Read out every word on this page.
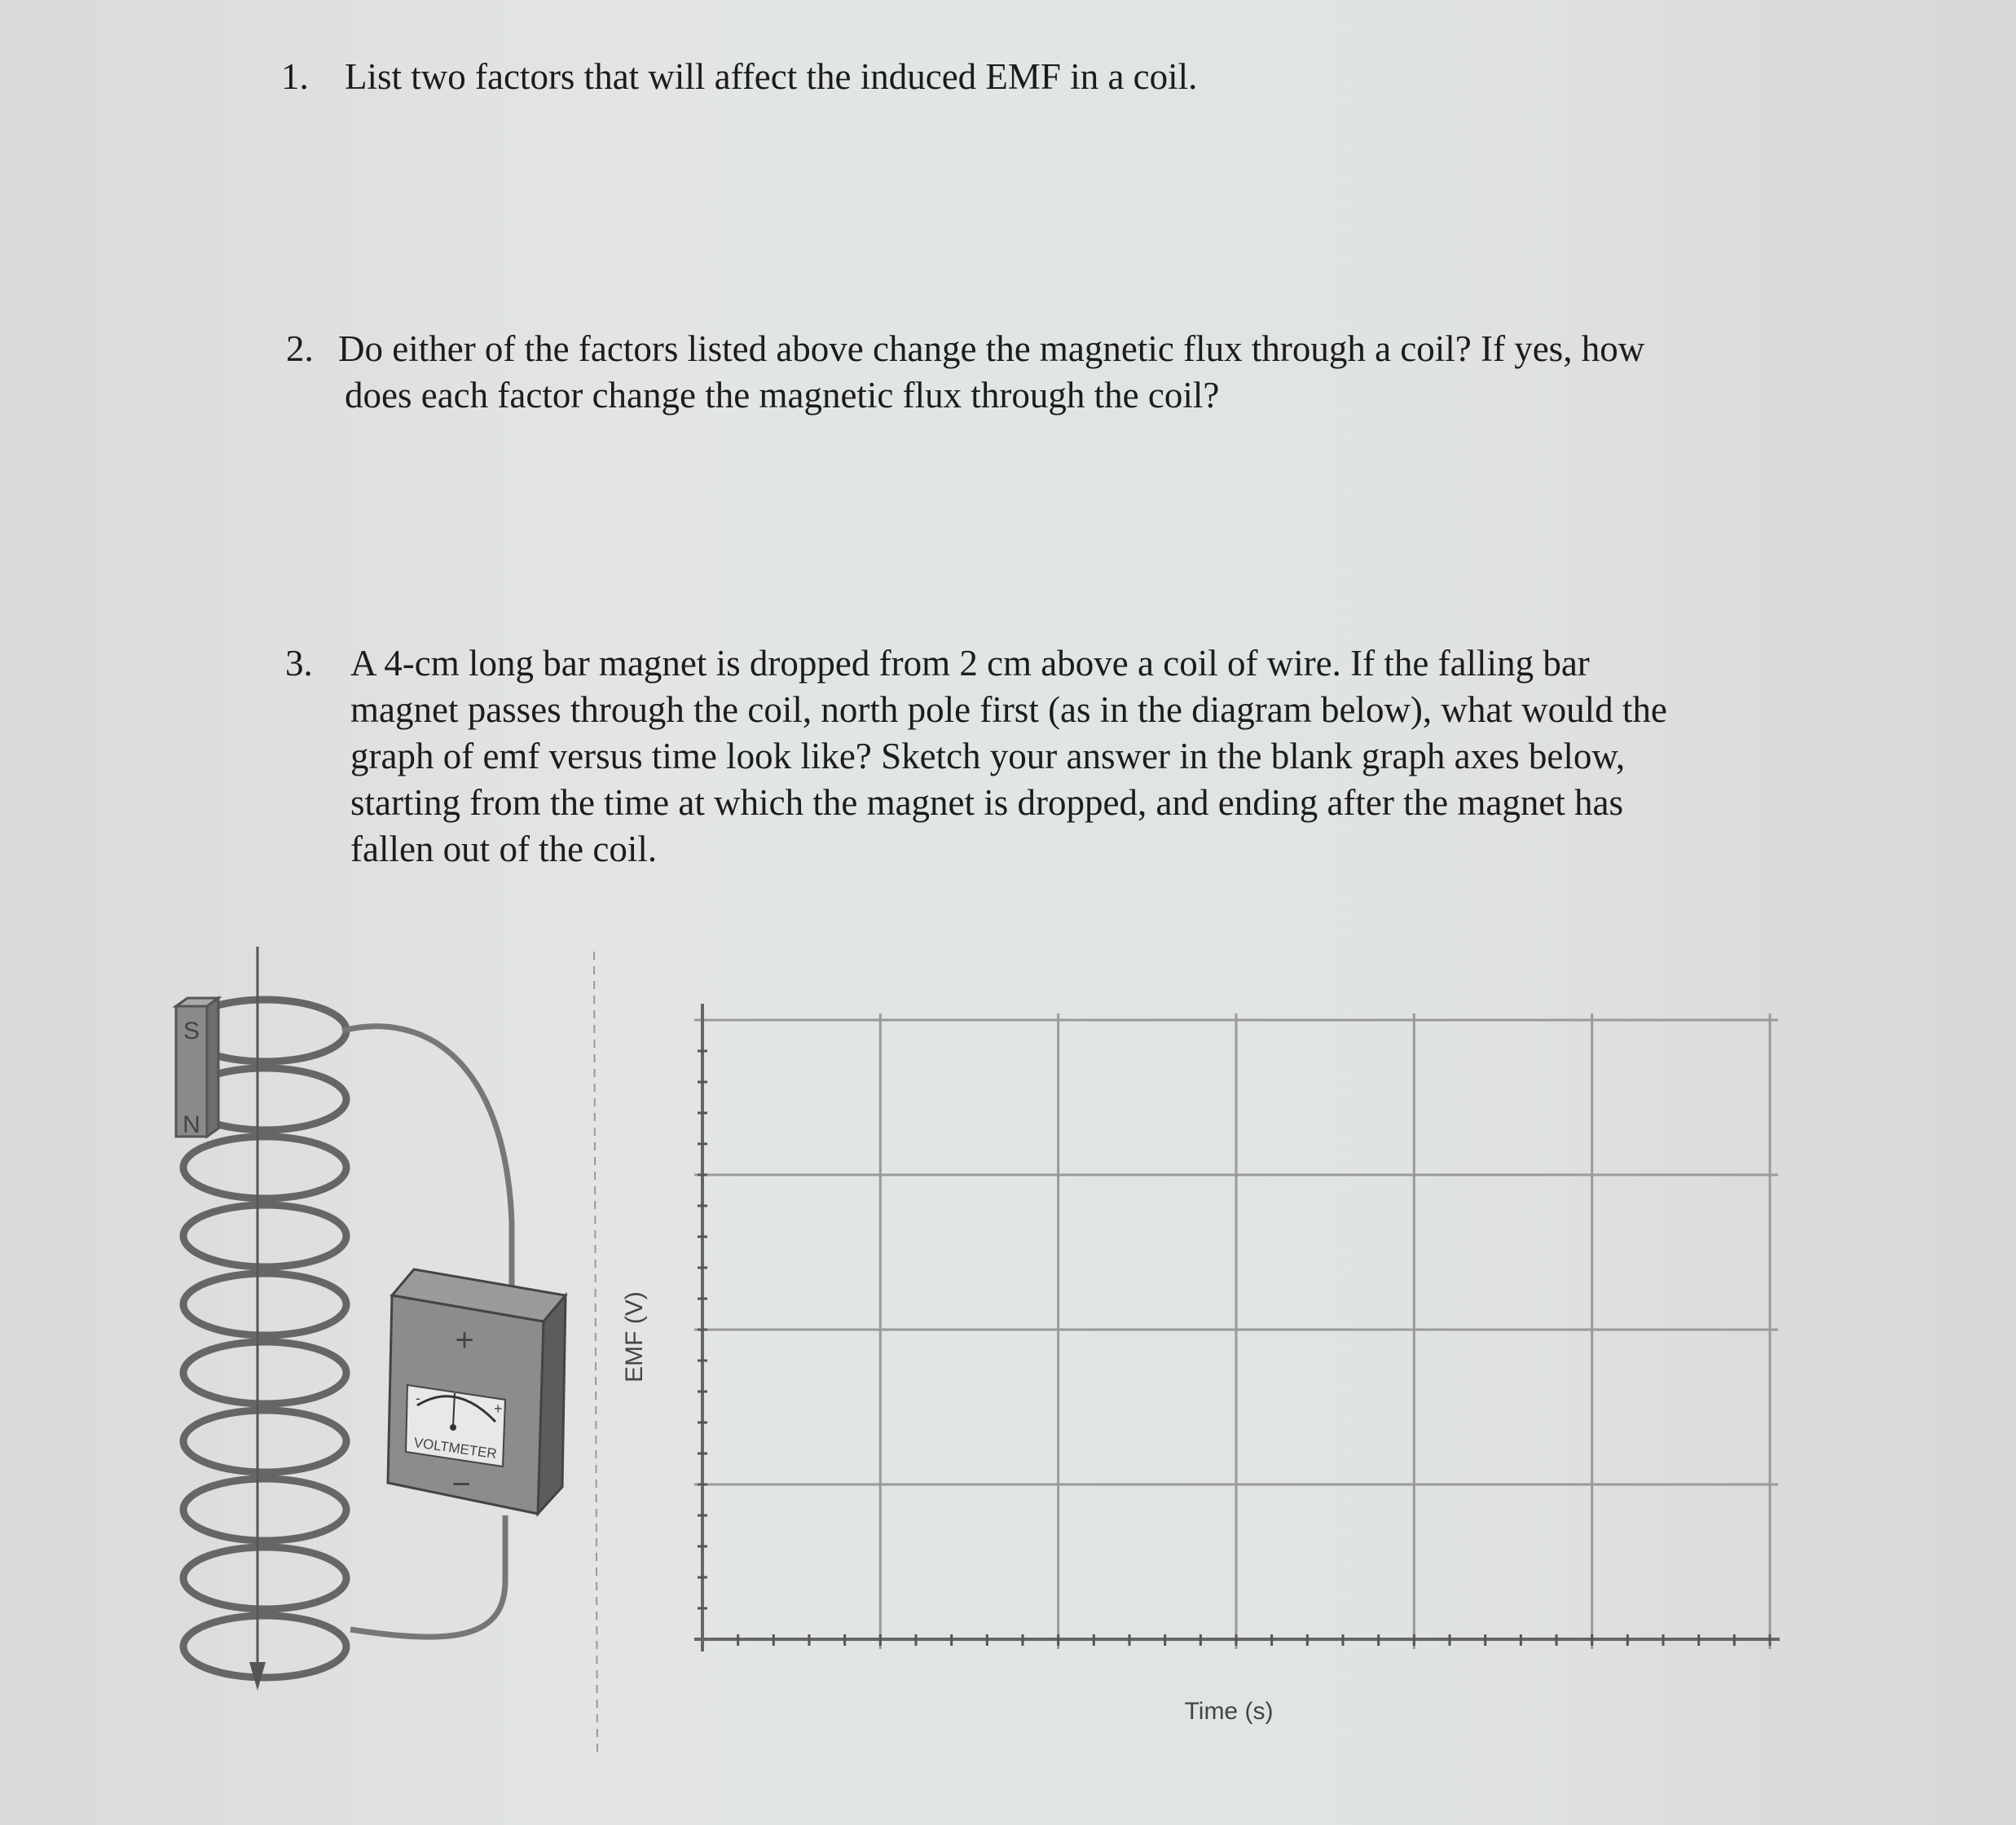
1. List two factors that will affect the induced EMF in a coil.

2. Do either of the factors listed above change the magnetic flux through a coil? If yes, how

does each factor change the magnetic flux through the coil?

3. A 4-cm long bar magnet is dropped from 2 cm above a coil of wire. If the falling bar

magnet passes through the coil, north pole first (as in the diagram below), what would the

graph of emf versus time look like? Sketch your answer in the blank graph axes below,

starting from the time at which the magnet is dropped, and ending after the magnet has

fallen out of the coil.

S
N
+
−
-
+
VOLTMETER
EMF (V)
Time (s)
